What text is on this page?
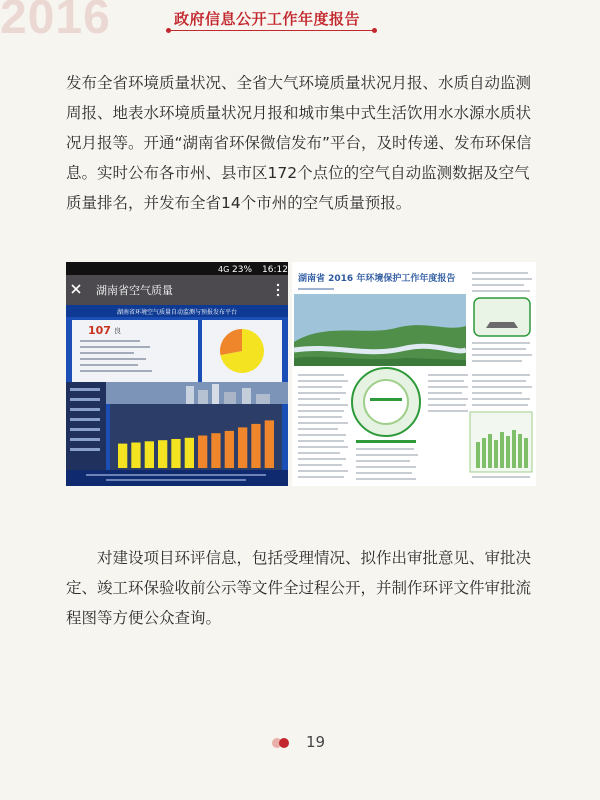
2016	政府信息公开工作年度报告

发布全省环境质量状况、全省大气环境质量状况月报、水质自动监测周报、地表水环境质量状况月报和城市集中式生活饮用水水源水质状况月报等。开通“湖南省环保微信发布”平台，及时传递、发布环保信息。实时公布各市州、县市区172个点位的空气自动监测数据及空气质量排名，并发布全省14个市州的空气质量预报。

4G 23% 16:12
湖南省空气质量
湖南省环境空气质量自动监测与预报发布平台
107 良
湖南省 2016 年环境保护工作年度报告

对建设项目环评信息，包括受理情况、拟作出审批意见、审批决定、竣工环保验收前公示等文件全过程公开，并制作环评文件审批流程图等方便公众查询。

19
